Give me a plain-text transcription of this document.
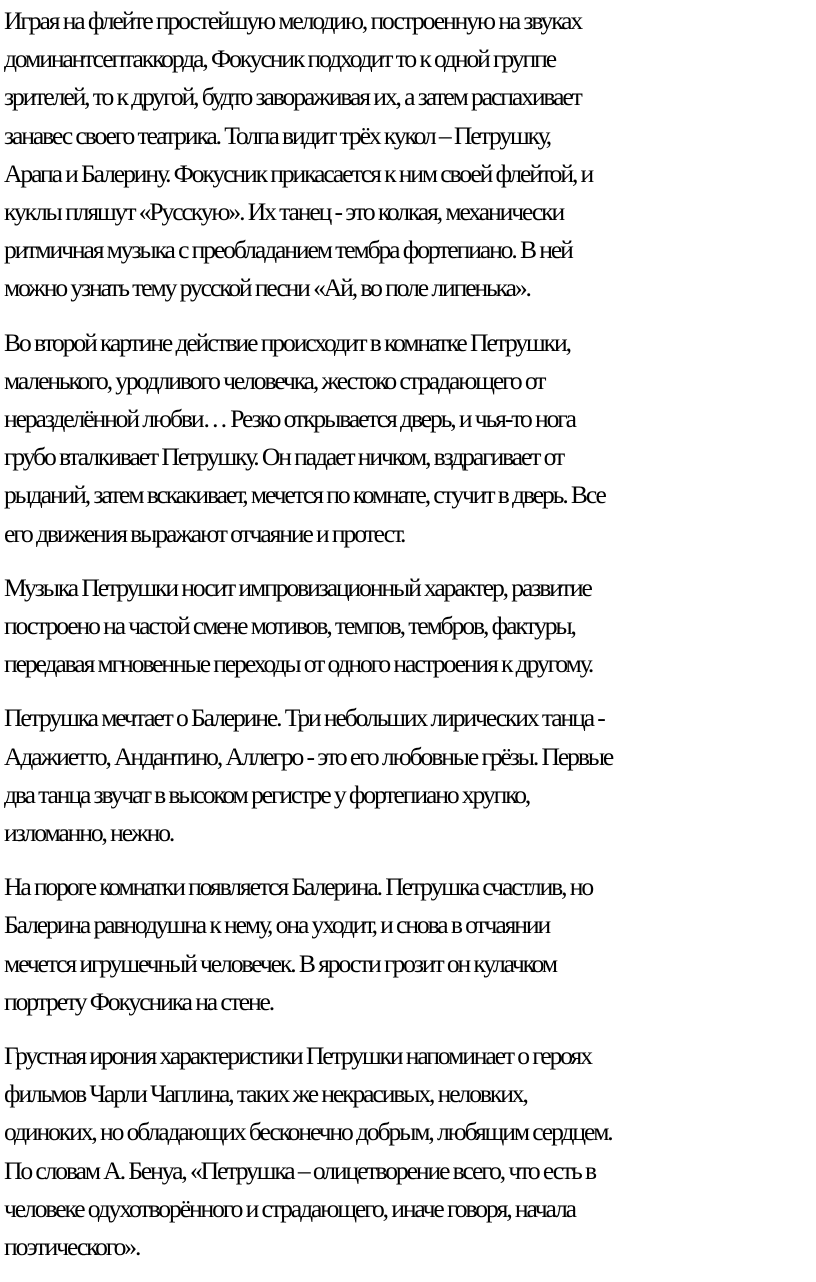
Играя на флейте простейшую мелодию, построенную на звуках
доминантсептаккорда, Фокусник подходит то к одной группе
зрителей, то к другой, будто завораживая их, а затем распахивает
занавес своего театрика. Толпа видит трёх кукол – Петрушку,
Арапа и Балерину. Фокусник прикасается к ним своей флейтой, и
куклы пляшут «Русскую». Их танец - это колкая, механически
ритмичная музыка с преобладанием тембра фортепиано. В ней
можно узнать тему русской песни «Ай, во поле липенька».

Во второй картине действие происходит в комнатке Петрушки,
маленького, уродливого человечка, жестоко страдающего от
неразделённой любви… Резко открывается дверь, и чья-то нога
грубо вталкивает Петрушку. Он падает ничком, вздрагивает от
рыданий, затем вскакивает, мечется по комнате, стучит в дверь. Все
его движения выражают отчаяние и протест.

Музыка Петрушки носит импровизационный характер, развитие
построено на частой смене мотивов, темпов, тембров, фактуры,
передавая мгновенные переходы от одного настроения к другому.

Петрушка мечтает о Балерине. Три небольших лирических танца -
Адажиетто, Андантино, Аллегро - это его любовные грёзы. Первые
два танца звучат в высоком регистре у фортепиано хрупко,
изломанно, нежно.

На пороге комнатки появляется Балерина. Петрушка счастлив, но
Балерина равнодушна к нему, она уходит, и снова в отчаянии
мечется игрушечный человечек. В ярости грозит он кулачком
портрету Фокусника на стене.

Грустная ирония характеристики Петрушки напоминает о героях
фильмов Чарли Чаплина, таких же некрасивых, неловких,
одиноких, но обладающих бесконечно добрым, любящим сердцем.
По словам А. Бенуа, «Петрушка – олицетворение всего, что есть в
человеке одухотворённого и страдающего, иначе говоря, начала
поэтического».
